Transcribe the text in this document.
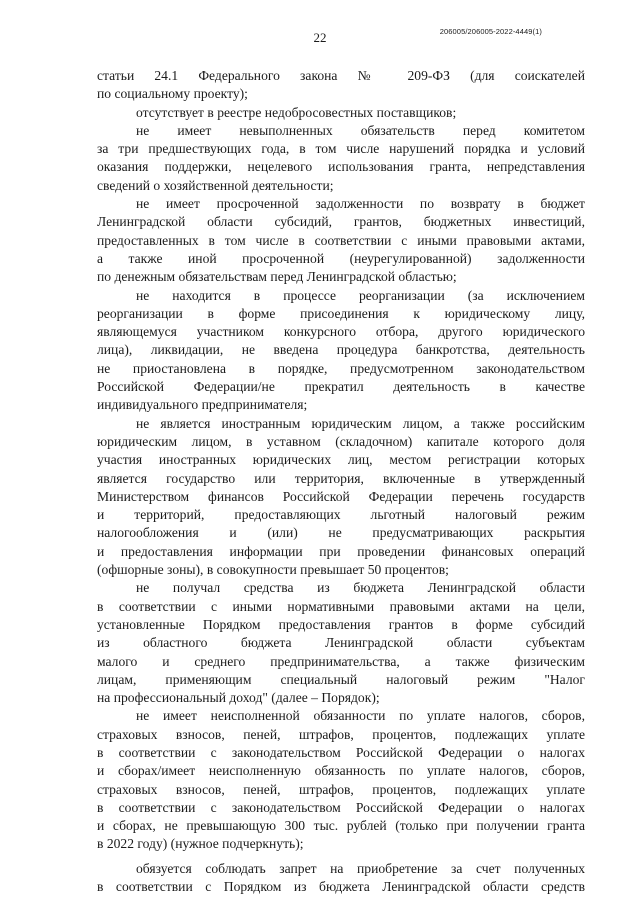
22	206005/206005-2022-4449(1)
статьи 24.1 Федерального закона № 209-ФЗ (для соискателей
по социальному проекту);
отсутствует в реестре недобросовестных поставщиков;
не имеет невыполненных обязательств перед комитетом
за три предшествующих года, в том числе нарушений порядка и условий
оказания поддержки, нецелевого использования гранта, непредставления
сведений о хозяйственной деятельности;
не имеет просроченной задолженности по возврату в бюджет
Ленинградской области субсидий, грантов, бюджетных инвестиций,
предоставленных в том числе в соответствии с иными правовыми актами,
а также иной просроченной (неурегулированной) задолженности
по денежным обязательствам перед Ленинградской областью;
не находится в процессе реорганизации (за исключением
реорганизации в форме присоединения к юридическому лицу,
являющемуся участником конкурсного отбора, другого юридического
лица), ликвидации, не введена процедура банкротства, деятельность
не приостановлена в порядке, предусмотренном законодательством
Российской Федерации/не прекратил деятельность в качестве
индивидуального предпринимателя;
не является иностранным юридическим лицом, а также российским
юридическим лицом, в уставном (складочном) капитале которого доля
участия иностранных юридических лиц, местом регистрации которых
является государство или территория, включенные в утвержденный
Министерством финансов Российской Федерации перечень государств
и территорий, предоставляющих льготный налоговый режим
налогообложения и (или) не предусматривающих раскрытия
и предоставления информации при проведении финансовых операций
(офшорные зоны), в совокупности превышает 50 процентов;
не получал средства из бюджета Ленинградской области
в соответствии с иными нормативными правовыми актами на цели,
установленные Порядком предоставления грантов в форме субсидий
из областного бюджета Ленинградской области субъектам
малого и среднего предпринимательства, а также физическим
лицам, применяющим специальный налоговый режим "Налог
на профессиональный доход" (далее – Порядок);
не имеет неисполненной обязанности по уплате налогов, сборов,
страховых взносов, пеней, штрафов, процентов, подлежащих уплате
в соответствии с законодательством Российской Федерации о налогах
и сборах/имеет неисполненную обязанность по уплате налогов, сборов,
страховых взносов, пеней, штрафов, процентов, подлежащих уплате
в соответствии с законодательством Российской Федерации о налогах
и сборах, не превышающую 300 тыс. рублей (только при получении гранта
в 2022 году) (нужное подчеркнуть);
обязуется соблюдать запрет на приобретение за счет полученных
в соответствии с Порядком из бюджета Ленинградской области средств
